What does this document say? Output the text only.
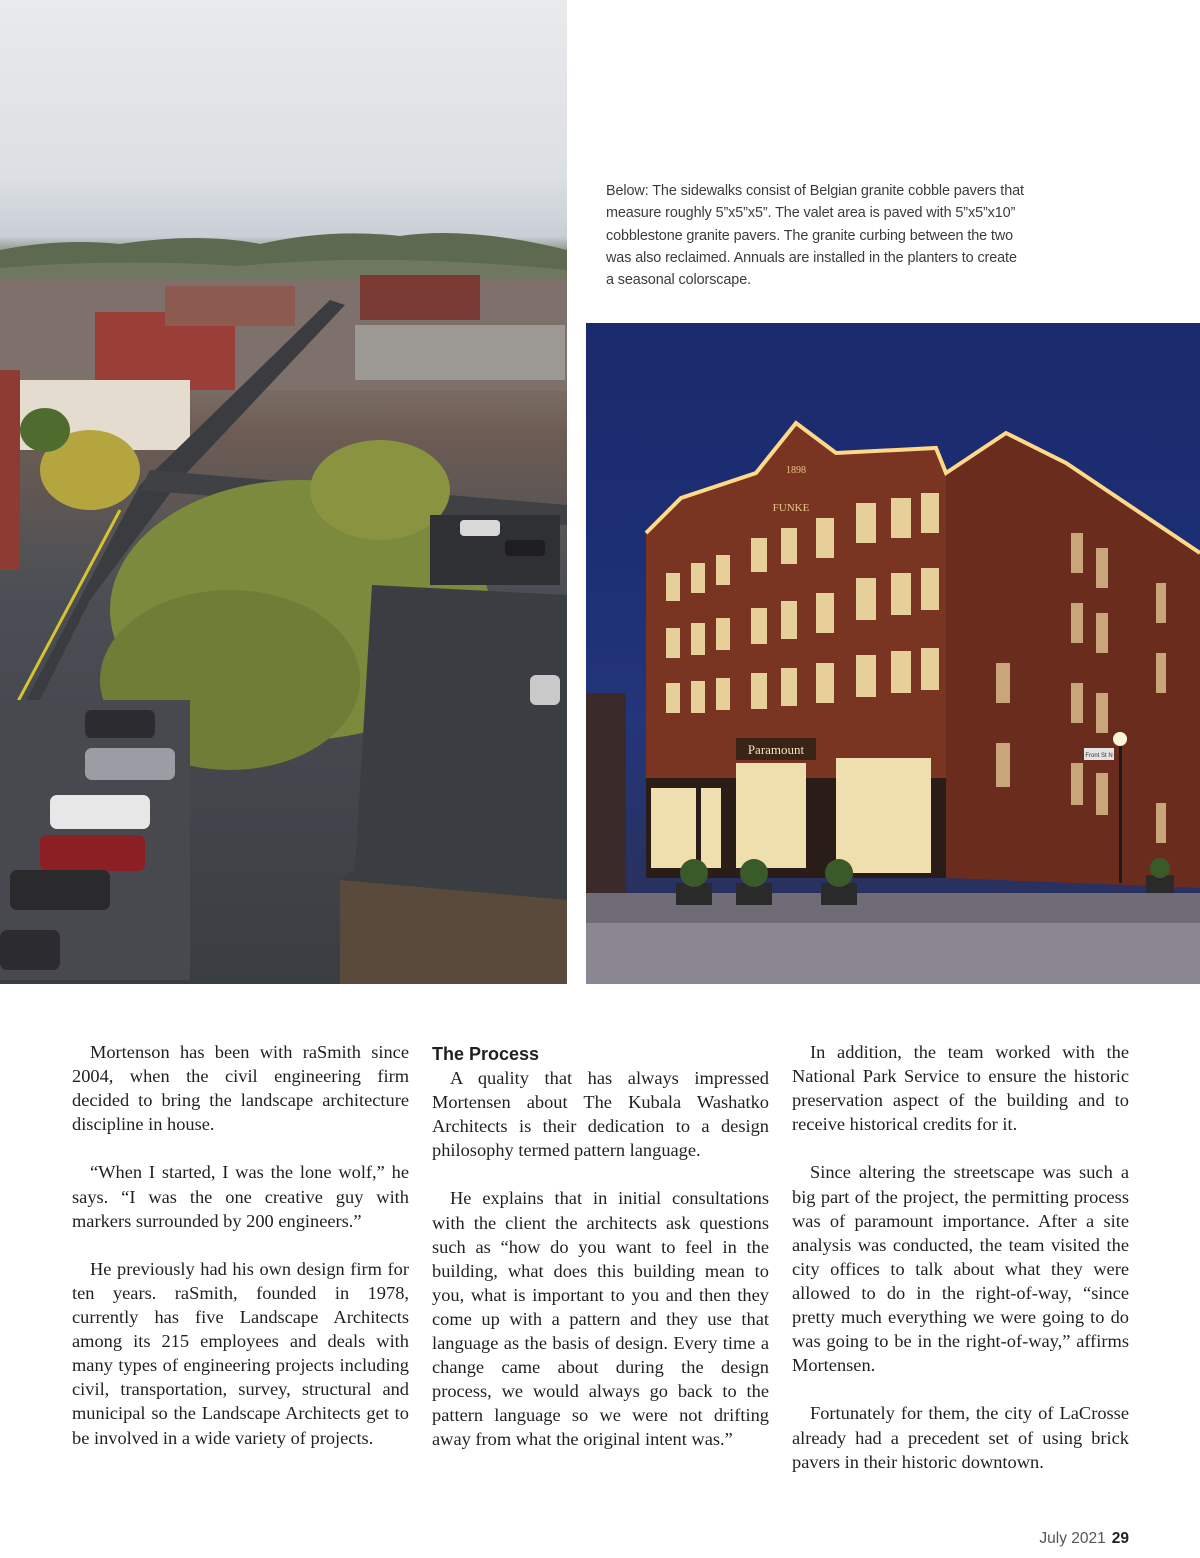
Below: The sidewalks consist of Belgian granite cobble pavers that measure roughly 5”x5”x5”. The valet area is paved with 5”x5”x10” cobblestone granite pavers. The granite curbing between the two was also reclaimed. Annuals are installed in the planters to create a seasonal colorscape.
Paramount
1898
FUNKE
Front St N

Mortenson has been with raSmith since 2004, when the civil engineering firm decided to bring the landscape architecture discipline in house.

“When I started, I was the lone wolf,” he says. “I was the one creative guy with markers surrounded by 200 engineers.”

He previously had his own design firm for ten years. raSmith, founded in 1978, currently has five Landscape Architects among its 215 employees and deals with many types of engineering projects including civil, transportation, survey, structural and municipal so the Landscape Architects get to be involved in a wide variety of projects.

The Process

A quality that has always impressed Mortensen about The Kubala Washatko Architects is their dedication to a design philosophy termed pattern language.

He explains that in initial consultations with the client the architects ask questions such as “how do you want to feel in the building, what does this building mean to you, what is important to you and then they come up with a pattern and they use that language as the basis of design. Every time a change came about during the design process, we would always go back to the pattern language so we were not drifting away from what the original intent was.”

In addition, the team worked with the National Park Service to ensure the historic preservation aspect of the building and to receive historical credits for it.

Since altering the streetscape was such a big part of the project, the permitting process was of paramount importance. After a site analysis was conducted, the team visited the city offices to talk about what they were allowed to do in the right-of-way, “since pretty much everything we were going to do was going to be in the right-of-way,” affirms Mortensen.

Fortunately for them, the city of LaCrosse already had a precedent set of using brick pavers in their historic downtown.

July 2021 29
